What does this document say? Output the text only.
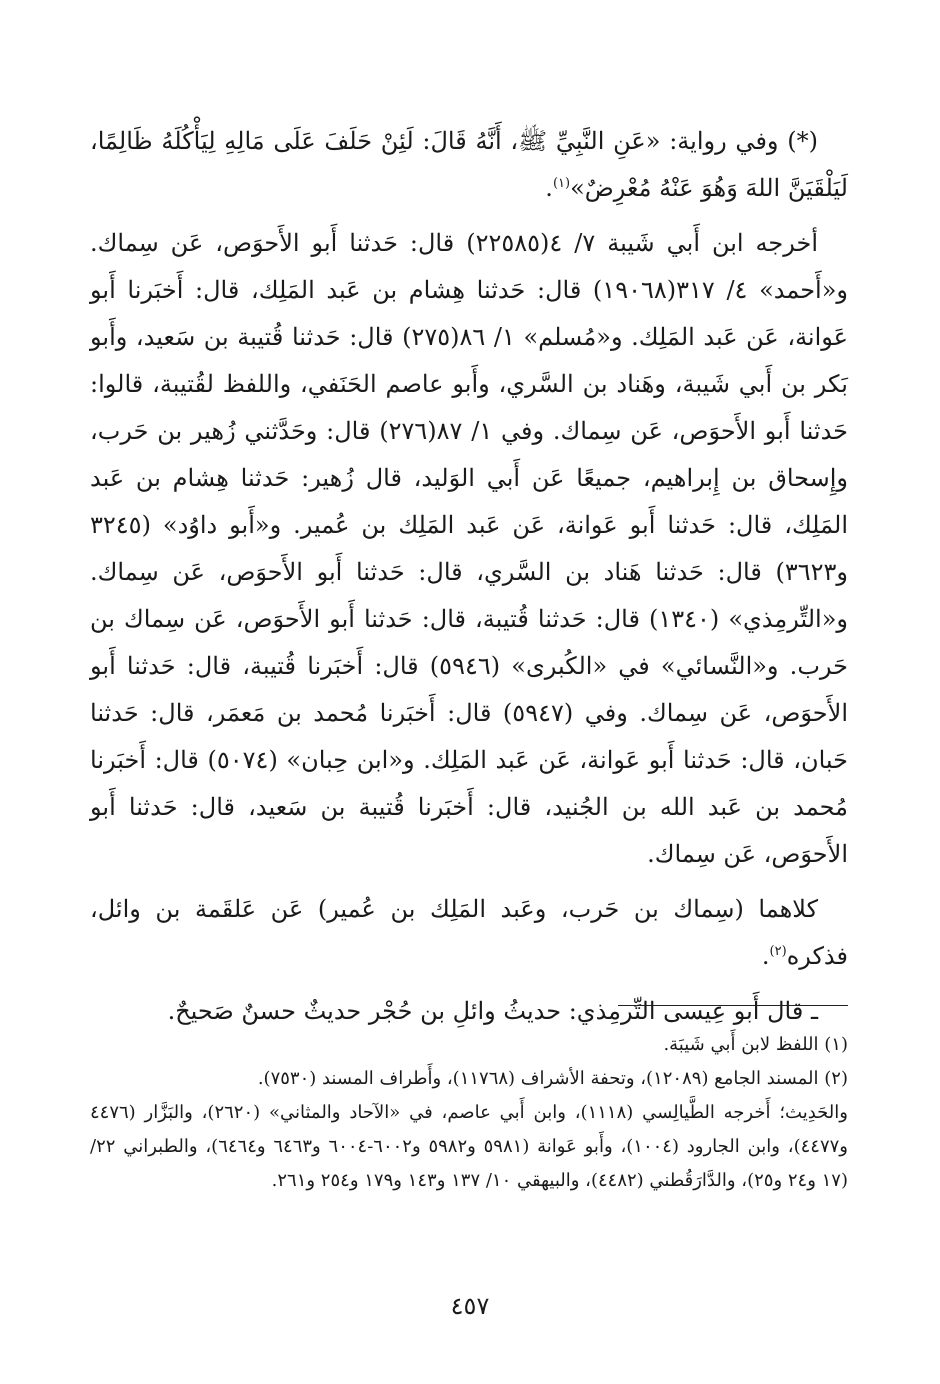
(*) وفي رواية: «عَنِ النَّبِيِّ ﷺ، أَنَّهُ قَالَ: لَئِنْ حَلَفَ عَلَى مَالِهِ لِيَأْكُلَهُ ظَالِمًا، لَيَلْقَيَنَّ اللهَ وَهُوَ عَنْهُ مُعْرِضٌ»$^{(١)}$.

أخرجه ابن أَبي شَيبة ٧/ ٤(٢٢٥٨٥) قال: حَدثنا أَبو الأَحوَص، عَن سِماك. و«أَحمد» ٤/ ٣١٧(١٩٠٦٨) قال: حَدثنا هِشام بن عَبد المَلِك، قال: أَخبَرنا أَبو عَوانة، عَن عَبد المَلِك. و«مُسلم» ١/ ٨٦(٢٧٥) قال: حَدثنا قُتيبة بن سَعيد، وأَبو بَكر بن أَبي شَيبة، وهَناد بن السَّري، وأَبو عاصم الحَنَفي، واللفظ لقُتيبة، قالوا: حَدثنا أَبو الأَحوَص، عَن سِماك. وفي ١/ ٨٧(٢٧٦) قال: وحَدَّثني زُهير بن حَرب، وإِسحاق بن إِبراهيم، جميعًا عَن أَبي الوَليد، قال زُهير: حَدثنا هِشام بن عَبد المَلِك، قال: حَدثنا أَبو عَوانة، عَن عَبد المَلِك بن عُمير. و«أَبو داوُد» (٣٢٤٥ و٣٦٢٣) قال: حَدثنا هَناد بن السَّري، قال: حَدثنا أَبو الأَحوَص، عَن سِماك. و«التِّرمِذي» (١٣٤٠) قال: حَدثنا قُتيبة، قال: حَدثنا أَبو الأَحوَص، عَن سِماك بن حَرب. و«النَّسائي» في «الكُبرى» (٥٩٤٦) قال: أَخبَرنا قُتيبة، قال: حَدثنا أَبو الأَحوَص، عَن سِماك. وفي (٥٩٤٧) قال: أَخبَرنا مُحمد بن مَعمَر، قال: حَدثنا حَبان، قال: حَدثنا أَبو عَوانة، عَن عَبد المَلِك. و«ابن حِبان» (٥٠٧٤) قال: أَخبَرنا مُحمد بن عَبد الله بن الجُنيد، قال: أَخبَرنا قُتيبة بن سَعيد، قال: حَدثنا أَبو الأَحوَص، عَن سِماك.

كلاهما (سِماك بن حَرب، وعَبد المَلِك بن عُمير) عَن عَلقَمة بن وائل، فذكره$^{(٢)}$.

ـ قال أَبو عِيسى التِّرمِذي: حديثُ وائلِ بن حُجْر حديثٌ حسنٌ صَحيحٌ.

(١) اللفظ لابن أَبي شَيبَة.

(٢) المسند الجامع (١٢٠٨٩)، وتحفة الأشراف (١١٧٦٨)، وأَطراف المسند (٧٥٣٠).

والحَدِيث؛ أَخرجه الطَّيالِسي (١١١٨)، وابن أَبي عاصم، في «الآحاد والمثاني» (٢٦٢٠)، والبَزَّار (٤٤٧٦ و٤٤٧٧)، وابن الجارود (١٠٠٤)، وأَبو عَوانة (٥٩٨١ و٥٩٨٢ و٦٠٠٢-٦٠٠٤ و٦٤٦٣ و٦٤٦٤)، والطبراني ٢٢/ (١٧ و٢٤ و٢٥)، والدَّارَقُطني (٤٤٨٢)، والبيهقي ١٠/ ١٣٧ و١٤٣ و١٧٩ و٢٥٤ و٢٦١.

٤٥٧
